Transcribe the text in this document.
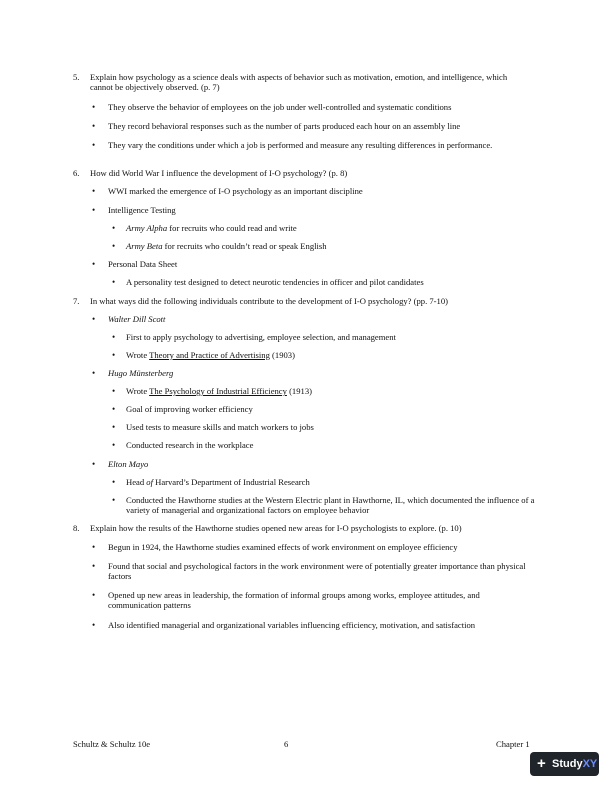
5. Explain how psychology as a science deals with aspects of behavior such as motivation, emotion, and intelligence, which cannot be objectively observed. (p. 7)
• They observe the behavior of employees on the job under well-controlled and systematic conditions
• They record behavioral responses such as the number of parts produced each hour on an assembly line
• They vary the conditions under which a job is performed and measure any resulting differences in performance.
6. How did World War I influence the development of I-O psychology? (p. 8)
• WWI marked the emergence of I-O psychology as an important discipline
• Intelligence Testing
• Army Alpha for recruits who could read and write
• Army Beta for recruits who couldn’t read or speak English
• Personal Data Sheet
• A personality test designed to detect neurotic tendencies in officer and pilot candidates
7. In what ways did the following individuals contribute to the development of I-O psychology? (pp. 7-10)
• Walter Dill Scott
• First to apply psychology to advertising, employee selection, and management
• Wrote Theory and Practice of Advertising (1903)
• Hugo Münsterberg
• Wrote The Psychology of Industrial Efficiency (1913)
• Goal of improving worker efficiency
• Used tests to measure skills and match workers to jobs
• Conducted research in the workplace
• Elton Mayo
• Head of Harvard’s Department of Industrial Research
• Conducted the Hawthorne studies at the Western Electric plant in Hawthorne, IL, which documented the influence of a variety of managerial and organizational factors on employee behavior
8. Explain how the results of the Hawthorne studies opened new areas for I-O psychologists to explore. (p. 10)
• Begun in 1924, the Hawthorne studies examined effects of work environment on employee efficiency
• Found that social and psychological factors in the work environment were of potentially greater importance than physical factors
• Opened up new areas in leadership, the formation of informal groups among works, employee attitudes, and communication patterns
• Also identified managerial and organizational variables influencing efficiency, motivation, and satisfaction
Schultz & Schultz 10e	6	Chapter 1
+ StudyXY
